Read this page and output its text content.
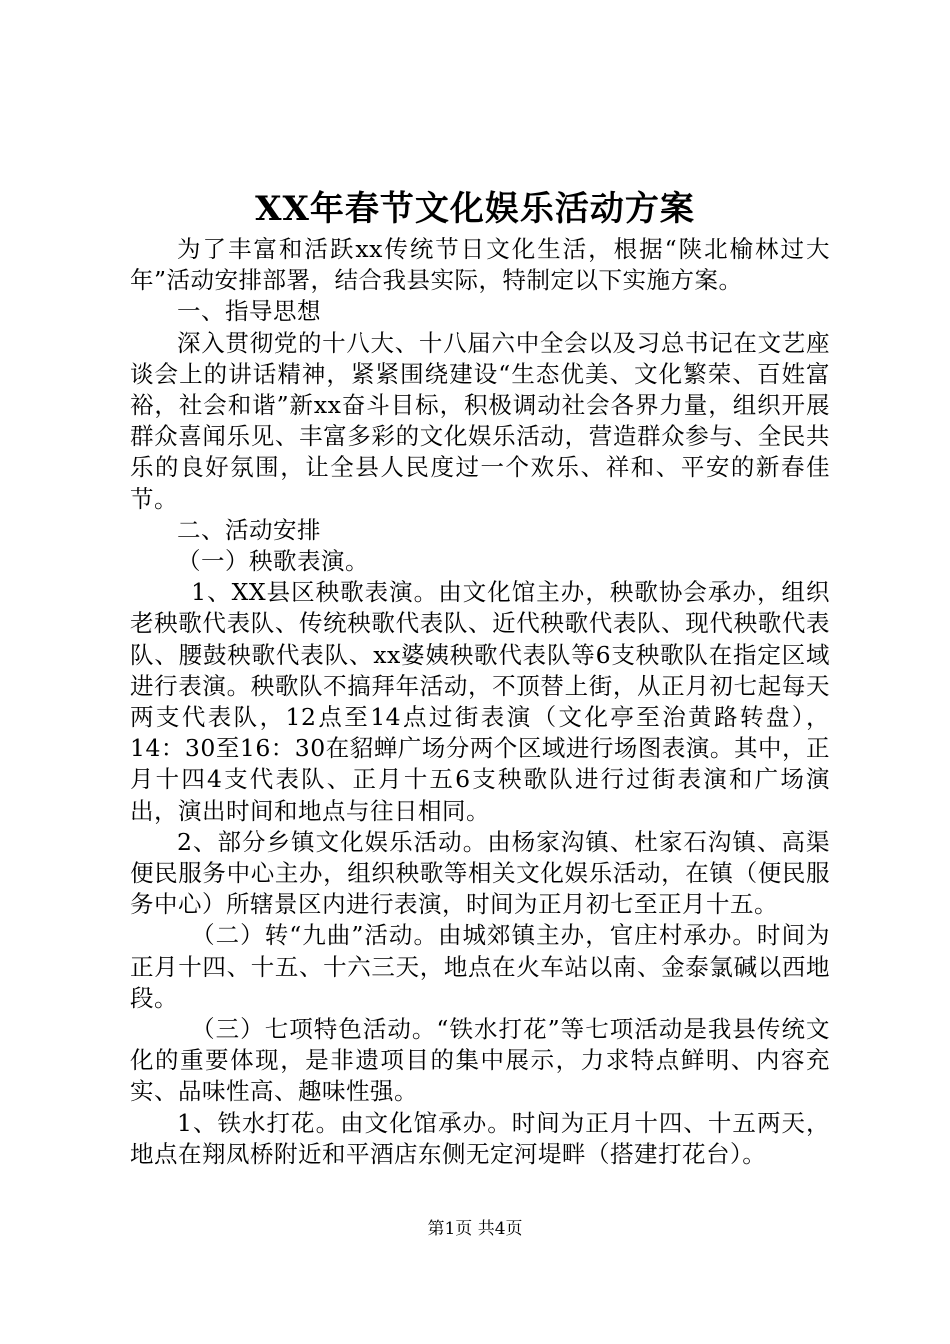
XX年春节文化娱乐活动方案

为了丰富和活跃xx传统节日文化生活，根据“陕北榆林过大年”活动安排部署，结合我县实际，特制定以下实施方案。

一、指导思想

深入贯彻党的十八大、十八届六中全会以及习总书记在文艺座谈会上的讲话精神，紧紧围绕建设“生态优美、文化繁荣、百姓富裕，社会和谐”新xx奋斗目标，积极调动社会各界力量，组织开展群众喜闻乐见、丰富多彩的文化娱乐活动，营造群众参与、全民共乐的良好氛围，让全县人民度过一个欢乐、祥和、平安的新春佳节。

二、活动安排

（一）秧歌表演。

1、XX县区秧歌表演。由文化馆主办，秧歌协会承办，组织老秧歌代表队、传统秧歌代表队、近代秧歌代表队、现代秧歌代表队、腰鼓秧歌代表队、xx婆姨秧歌代表队等6支秧歌队在指定区域进行表演。秧歌队不搞拜年活动，不顶替上街，从正月初七起每天两支代表队，12点至14点过街表演（文化亭至治黄路转盘），14：30至16：30在貂蝉广场分两个区域进行场图表演。其中，正月十四4支代表队、正月十五6支秧歌队进行过街表演和广场演出，演出时间和地点与往日相同。

2、部分乡镇文化娱乐活动。由杨家沟镇、杜家石沟镇、高渠便民服务中心主办，组织秧歌等相关文化娱乐活动，在镇（便民服务中心）所辖景区内进行表演，时间为正月初七至正月十五。

（二）转“九曲”活动。由城郊镇主办，官庄村承办。时间为正月十四、十五、十六三天，地点在火车站以南、金泰氯碱以西地段。

（三）七项特色活动。“铁水打花”等七项活动是我县传统文化的重要体现，是非遗项目的集中展示，力求特点鲜明、内容充实、品味性高、趣味性强。

1、铁水打花。由文化馆承办。时间为正月十四、十五两天，地点在翔凤桥附近和平酒店东侧无定河堤畔（搭建打花台）。

第1页 共4页
